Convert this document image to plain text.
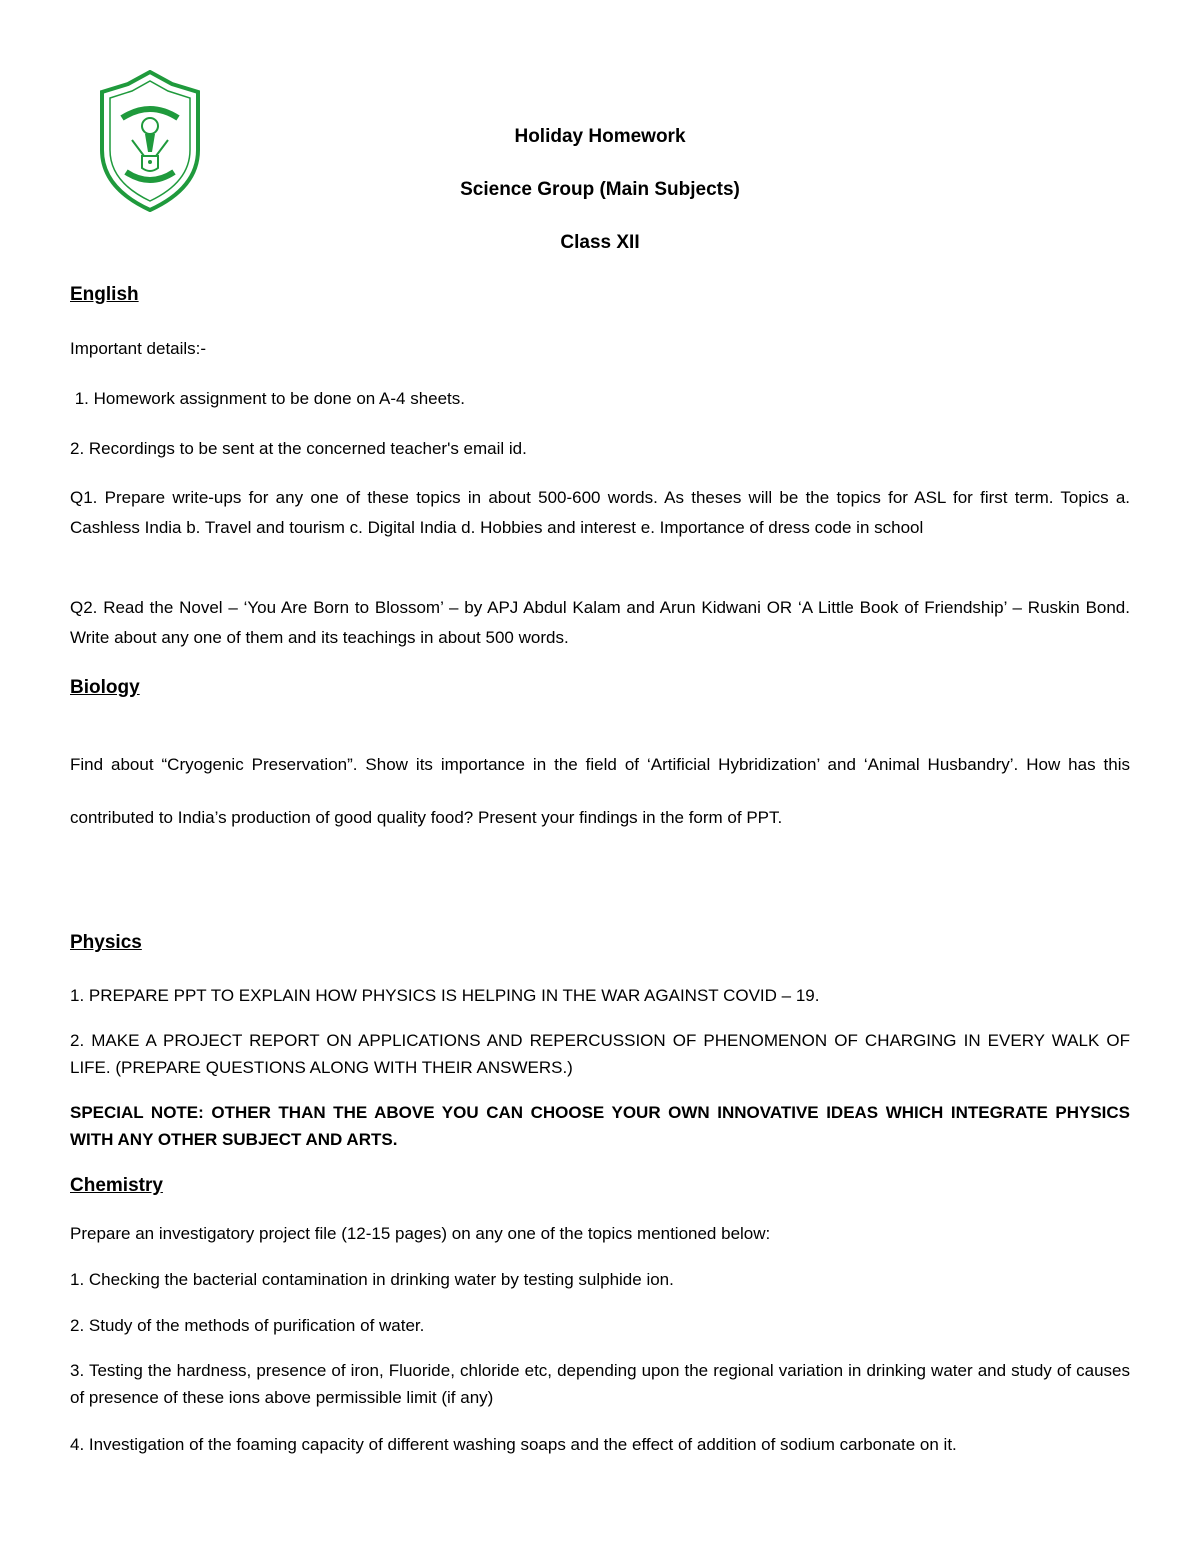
Holiday Homework

Science Group (Main Subjects)

Class XII

English

Important details:-

1. Homework assignment to be done on A-4 sheets.

2. Recordings to be sent at the concerned teacher's email id.

Q1. Prepare write-ups for any one of these topics in about 500-600 words. As theses will be the topics for ASL for first term. Topics a. Cashless India b. Travel and tourism c. Digital India d. Hobbies and interest e. Importance of dress code in school

Q2. Read the Novel – ‘You Are Born to Blossom’ – by APJ Abdul Kalam and Arun Kidwani OR ‘A Little Book of Friendship’ – Ruskin Bond. Write about any one of them and its teachings in about 500 words.

Biology

Find about “Cryogenic Preservation”. Show its importance in the field of ‘Artificial Hybridization’ and ‘Animal Husbandry’. How has this contributed to India’s production of good quality food? Present your findings in the form of PPT.

Physics

1. PREPARE PPT TO EXPLAIN HOW PHYSICS IS HELPING IN THE WAR AGAINST COVID – 19.

2. MAKE A PROJECT REPORT ON APPLICATIONS AND REPERCUSSION OF PHENOMENON OF CHARGING IN EVERY WALK OF LIFE. (PREPARE QUESTIONS ALONG WITH THEIR ANSWERS.)

SPECIAL NOTE: OTHER THAN THE ABOVE YOU CAN CHOOSE YOUR OWN INNOVATIVE IDEAS WHICH INTEGRATE PHYSICS WITH ANY OTHER SUBJECT AND ARTS.

Chemistry

Prepare an investigatory project file (12-15 pages) on any one of the topics mentioned below:

1. Checking the bacterial contamination in drinking water by testing sulphide ion.

2. Study of the methods of purification of water.

3. Testing the hardness, presence of iron, Fluoride, chloride etc, depending upon the regional variation in drinking water and study of causes of presence of these ions above permissible limit (if any)

4. Investigation of the foaming capacity of different washing soaps and the effect of addition of sodium carbonate on it.
